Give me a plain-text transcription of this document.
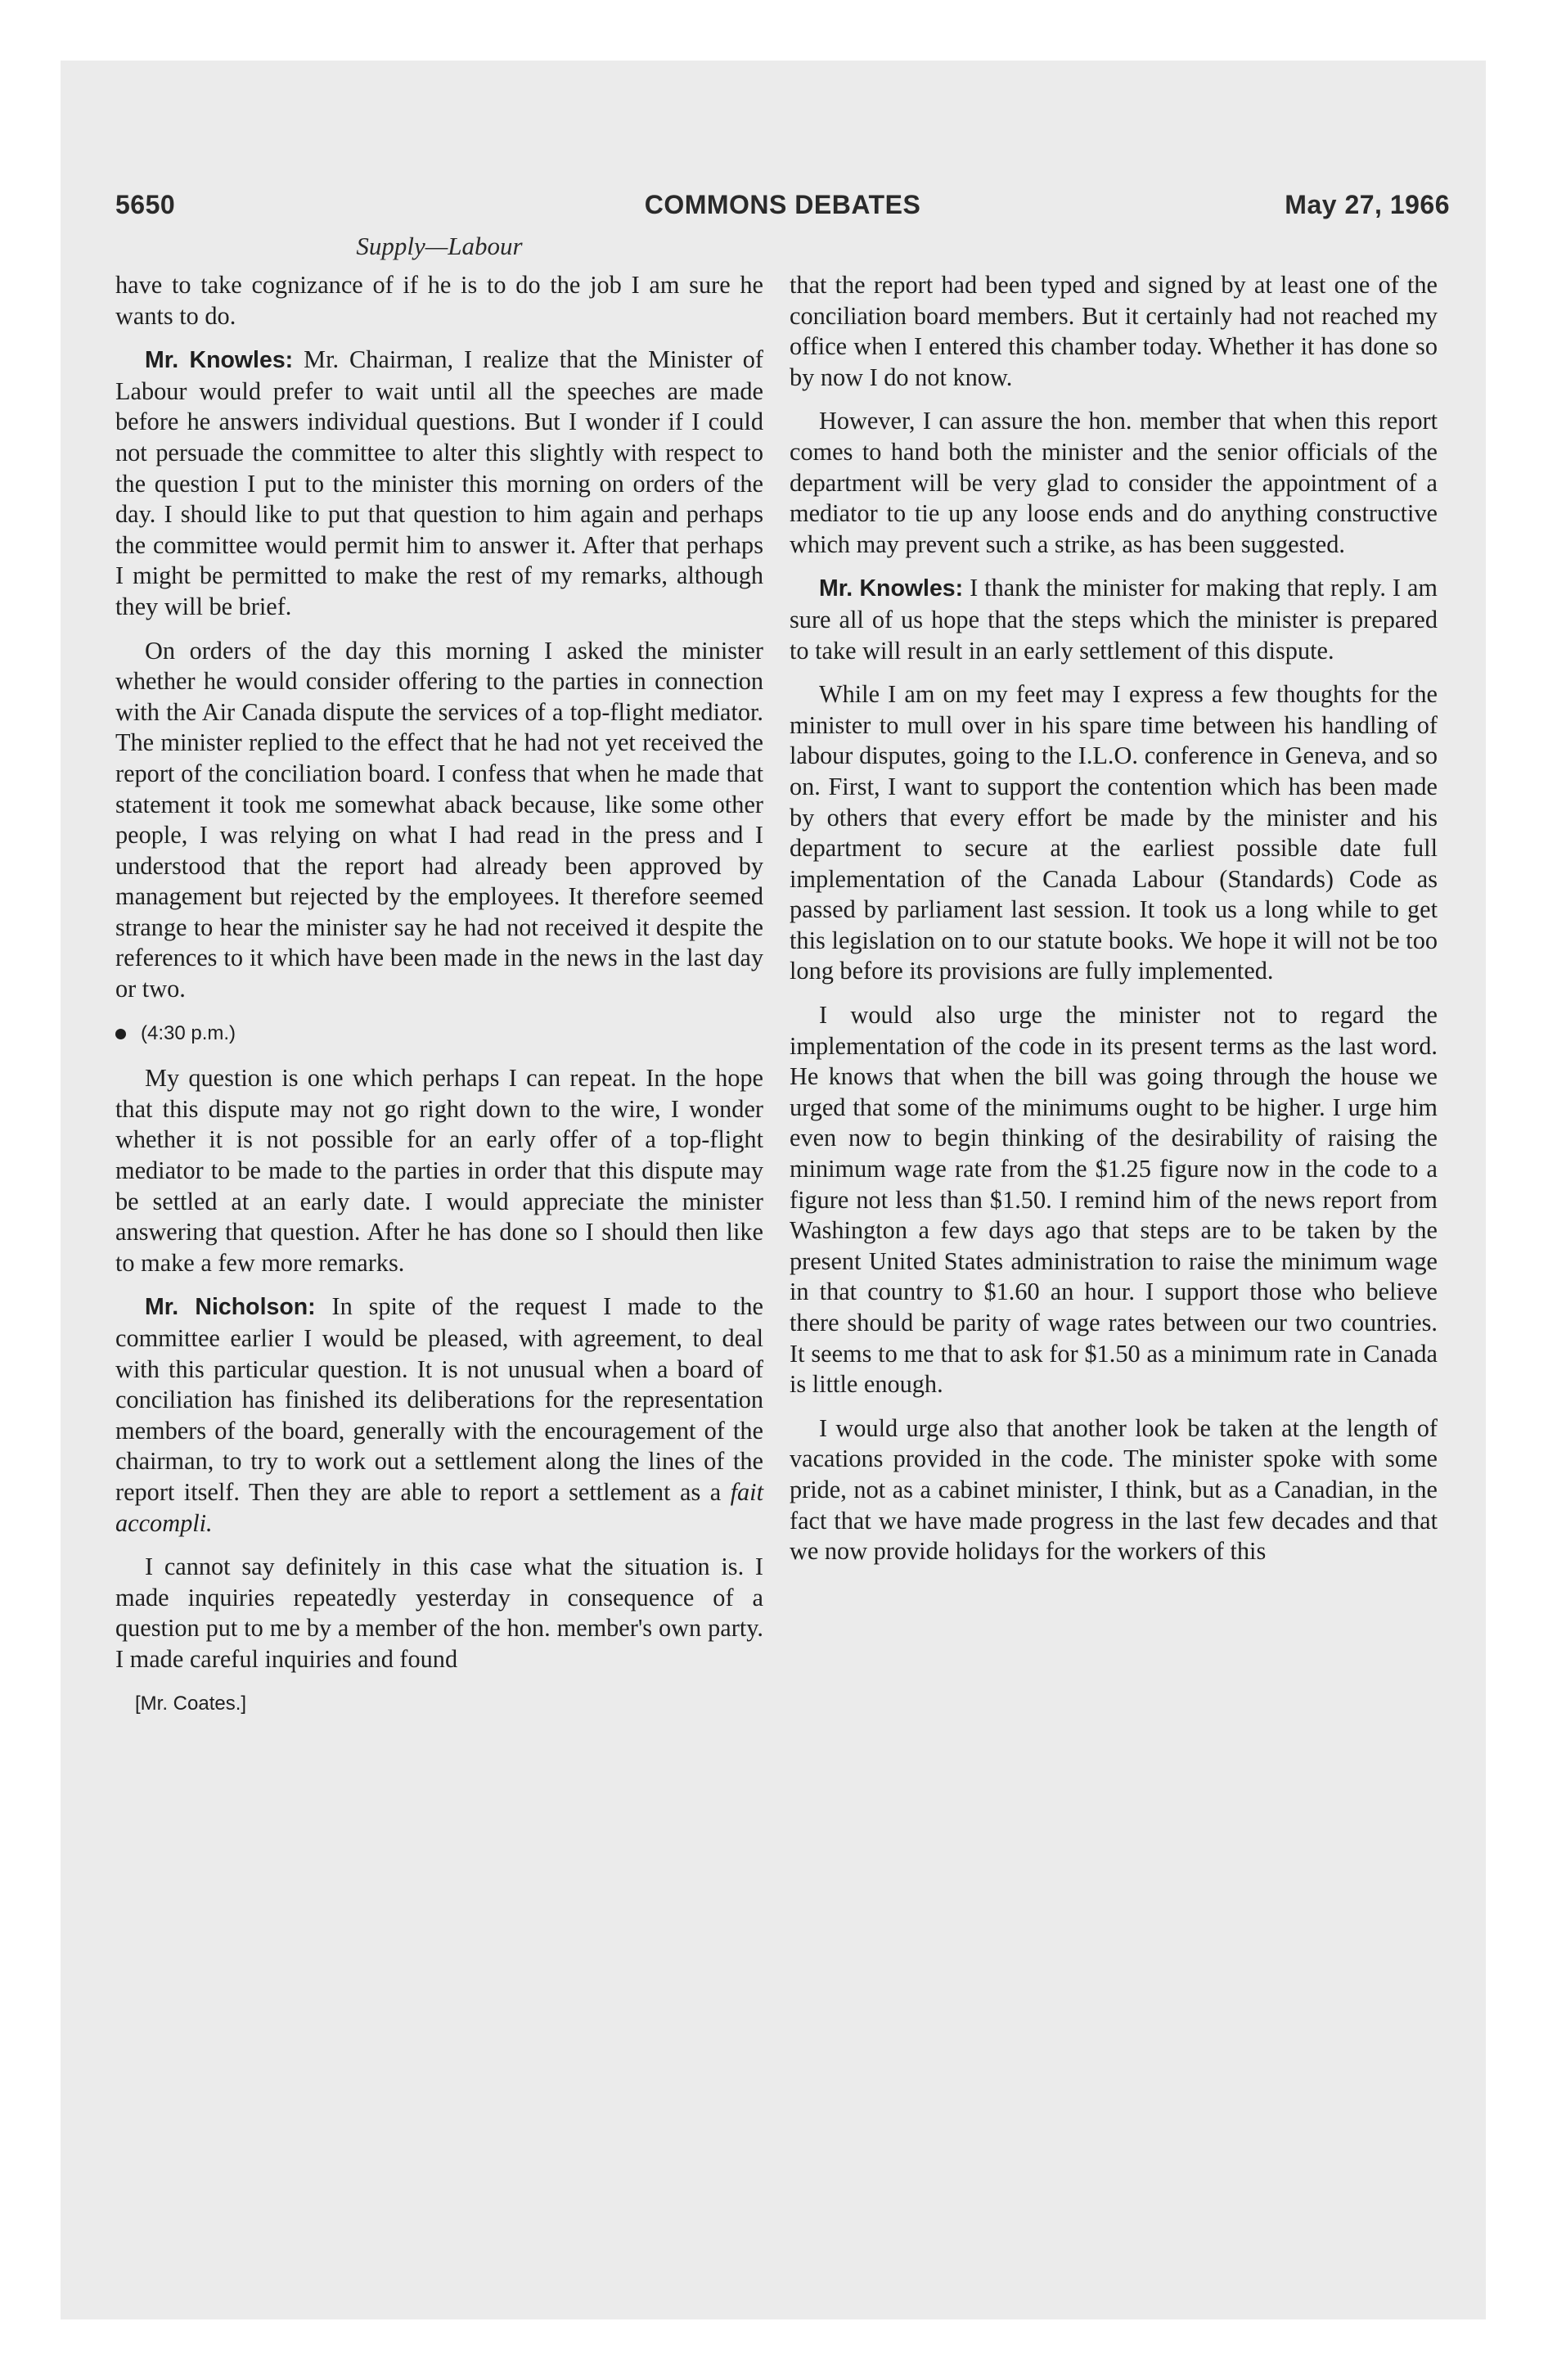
5650	COMMONS DEBATES	May 27, 1966
Supply—Labour

have to take cognizance of if he is to do the job I am sure he wants to do.

Mr. Knowles: Mr. Chairman, I realize that the Minister of Labour would prefer to wait until all the speeches are made before he answers individual questions. But I wonder if I could not persuade the committee to alter this slightly with respect to the question I put to the minister this morning on orders of the day. I should like to put that question to him again and perhaps the committee would permit him to answer it. After that perhaps I might be permitted to make the rest of my remarks, although they will be brief.

On orders of the day this morning I asked the minister whether he would consider offering to the parties in connection with the Air Canada dispute the services of a top-flight mediator. The minister replied to the effect that he had not yet received the report of the conciliation board. I confess that when he made that statement it took me somewhat aback because, like some other people, I was relying on what I had read in the press and I understood that the report had already been approved by management but rejected by the employees. It therefore seemed strange to hear the minister say he had not received it despite the references to it which have been made in the news in the last day or two.

(4:30 p.m.)

My question is one which perhaps I can repeat. In the hope that this dispute may not go right down to the wire, I wonder whether it is not possible for an early offer of a top-flight mediator to be made to the parties in order that this dispute may be settled at an early date. I would appreciate the minister answering that question. After he has done so I should then like to make a few more remarks.

Mr. Nicholson: In spite of the request I made to the committee earlier I would be pleased, with agreement, to deal with this particular question. It is not unusual when a board of conciliation has finished its deliberations for the representation members of the board, generally with the encouragement of the chairman, to try to work out a settlement along the lines of the report itself. Then they are able to report a settlement as a fait accompli.

I cannot say definitely in this case what the situation is. I made inquiries repeatedly yesterday in consequence of a question put to me by a member of the hon. member's own party. I made careful inquiries and found

[Mr. Coates.]

that the report had been typed and signed by at least one of the conciliation board members. But it certainly had not reached my office when I entered this chamber today. Whether it has done so by now I do not know.

However, I can assure the hon. member that when this report comes to hand both the minister and the senior officials of the department will be very glad to consider the appointment of a mediator to tie up any loose ends and do anything constructive which may prevent such a strike, as has been suggested.

Mr. Knowles: I thank the minister for making that reply. I am sure all of us hope that the steps which the minister is prepared to take will result in an early settlement of this dispute.

While I am on my feet may I express a few thoughts for the minister to mull over in his spare time between his handling of labour disputes, going to the I.L.O. conference in Geneva, and so on. First, I want to support the contention which has been made by others that every effort be made by the minister and his department to secure at the earliest possible date full implementation of the Canada Labour (Standards) Code as passed by parliament last session. It took us a long while to get this legislation on to our statute books. We hope it will not be too long before its provisions are fully implemented.

I would also urge the minister not to regard the implementation of the code in its present terms as the last word. He knows that when the bill was going through the house we urged that some of the minimums ought to be higher. I urge him even now to begin thinking of the desirability of raising the minimum wage rate from the $1.25 figure now in the code to a figure not less than $1.50. I remind him of the news report from Washington a few days ago that steps are to be taken by the present United States administration to raise the minimum wage in that country to $1.60 an hour. I support those who believe there should be parity of wage rates between our two countries. It seems to me that to ask for $1.50 as a minimum rate in Canada is little enough.

I would urge also that another look be taken at the length of vacations provided in the code. The minister spoke with some pride, not as a cabinet minister, I think, but as a Canadian, in the fact that we have made progress in the last few decades and that we now provide holidays for the workers of this
